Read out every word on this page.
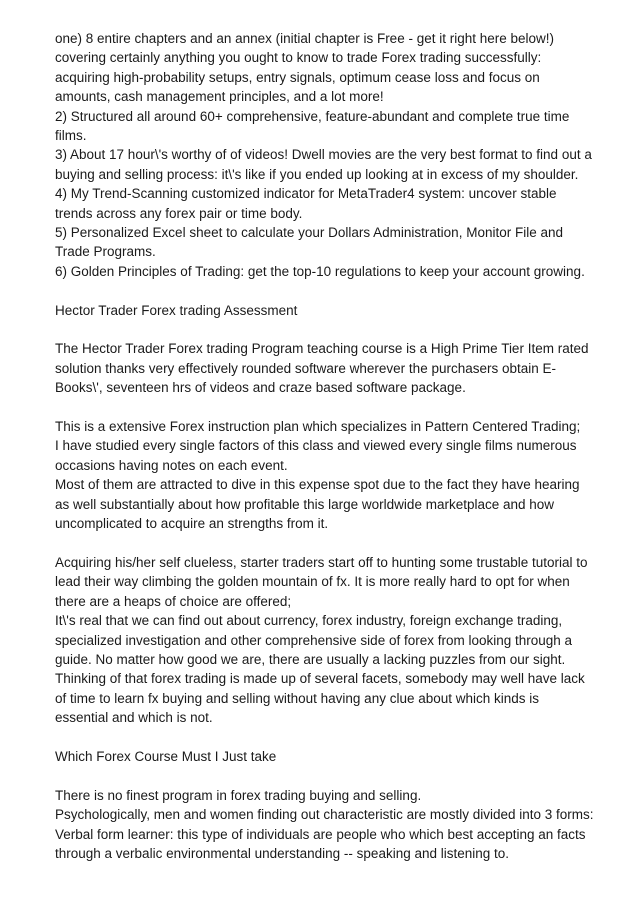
one) 8 entire chapters and an annex (initial chapter is Free - get it right here below!) covering certainly anything you ought to know to trade Forex trading successfully: acquiring high-probability setups, entry signals, optimum cease loss and focus on amounts, cash management principles, and a lot more!

2) Structured all around 60+ comprehensive, feature-abundant and complete true time films.

3) About 17 hour\'s worthy of of videos! Dwell movies are the very best format to find out a buying and selling process: it\'s like if you ended up looking at in excess of my shoulder.

4) My Trend-Scanning customized indicator for MetaTrader4 system: uncover stable trends across any forex pair or time body.

5) Personalized Excel sheet to calculate your Dollars Administration, Monitor File and Trade Programs.

6) Golden Principles of Trading: get the top-10 regulations to keep your account growing.

Hector Trader Forex trading Assessment

The Hector Trader Forex trading Program teaching course is a High Prime Tier Item rated solution thanks very effectively rounded software wherever the purchasers obtain E-Books\', seventeen hrs of videos and craze based software package.

This is a extensive Forex instruction plan which specializes in Pattern Centered Trading;

I have studied every single factors of this class and viewed every single films numerous occasions having notes on each event.

Most of them are attracted to dive in this expense spot due to the fact they have hearing as well substantially about how profitable this large worldwide marketplace and how uncomplicated to acquire an strengths from it.

Acquiring his/her self clueless, starter traders start off to hunting some trustable tutorial to lead their way climbing the golden mountain of fx. It is more really hard to opt for when there are a heaps of choice are offered;

It\'s real that we can find out about currency, forex industry, foreign exchange trading, specialized investigation and other comprehensive side of forex from looking through a guide. No matter how good we are, there are usually a lacking puzzles from our sight.

Thinking of that forex trading is made up of several facets, somebody may well have lack of time to learn fx buying and selling without having any clue about which kinds is essential and which is not.

Which Forex Course Must I Just take

There is no finest program in forex trading buying and selling.

Psychologically, men and women finding out characteristic are mostly divided into 3 forms:

Verbal form learner: this type of individuals are people who which best accepting an facts through a verbalic environmental understanding -- speaking and listening to.
